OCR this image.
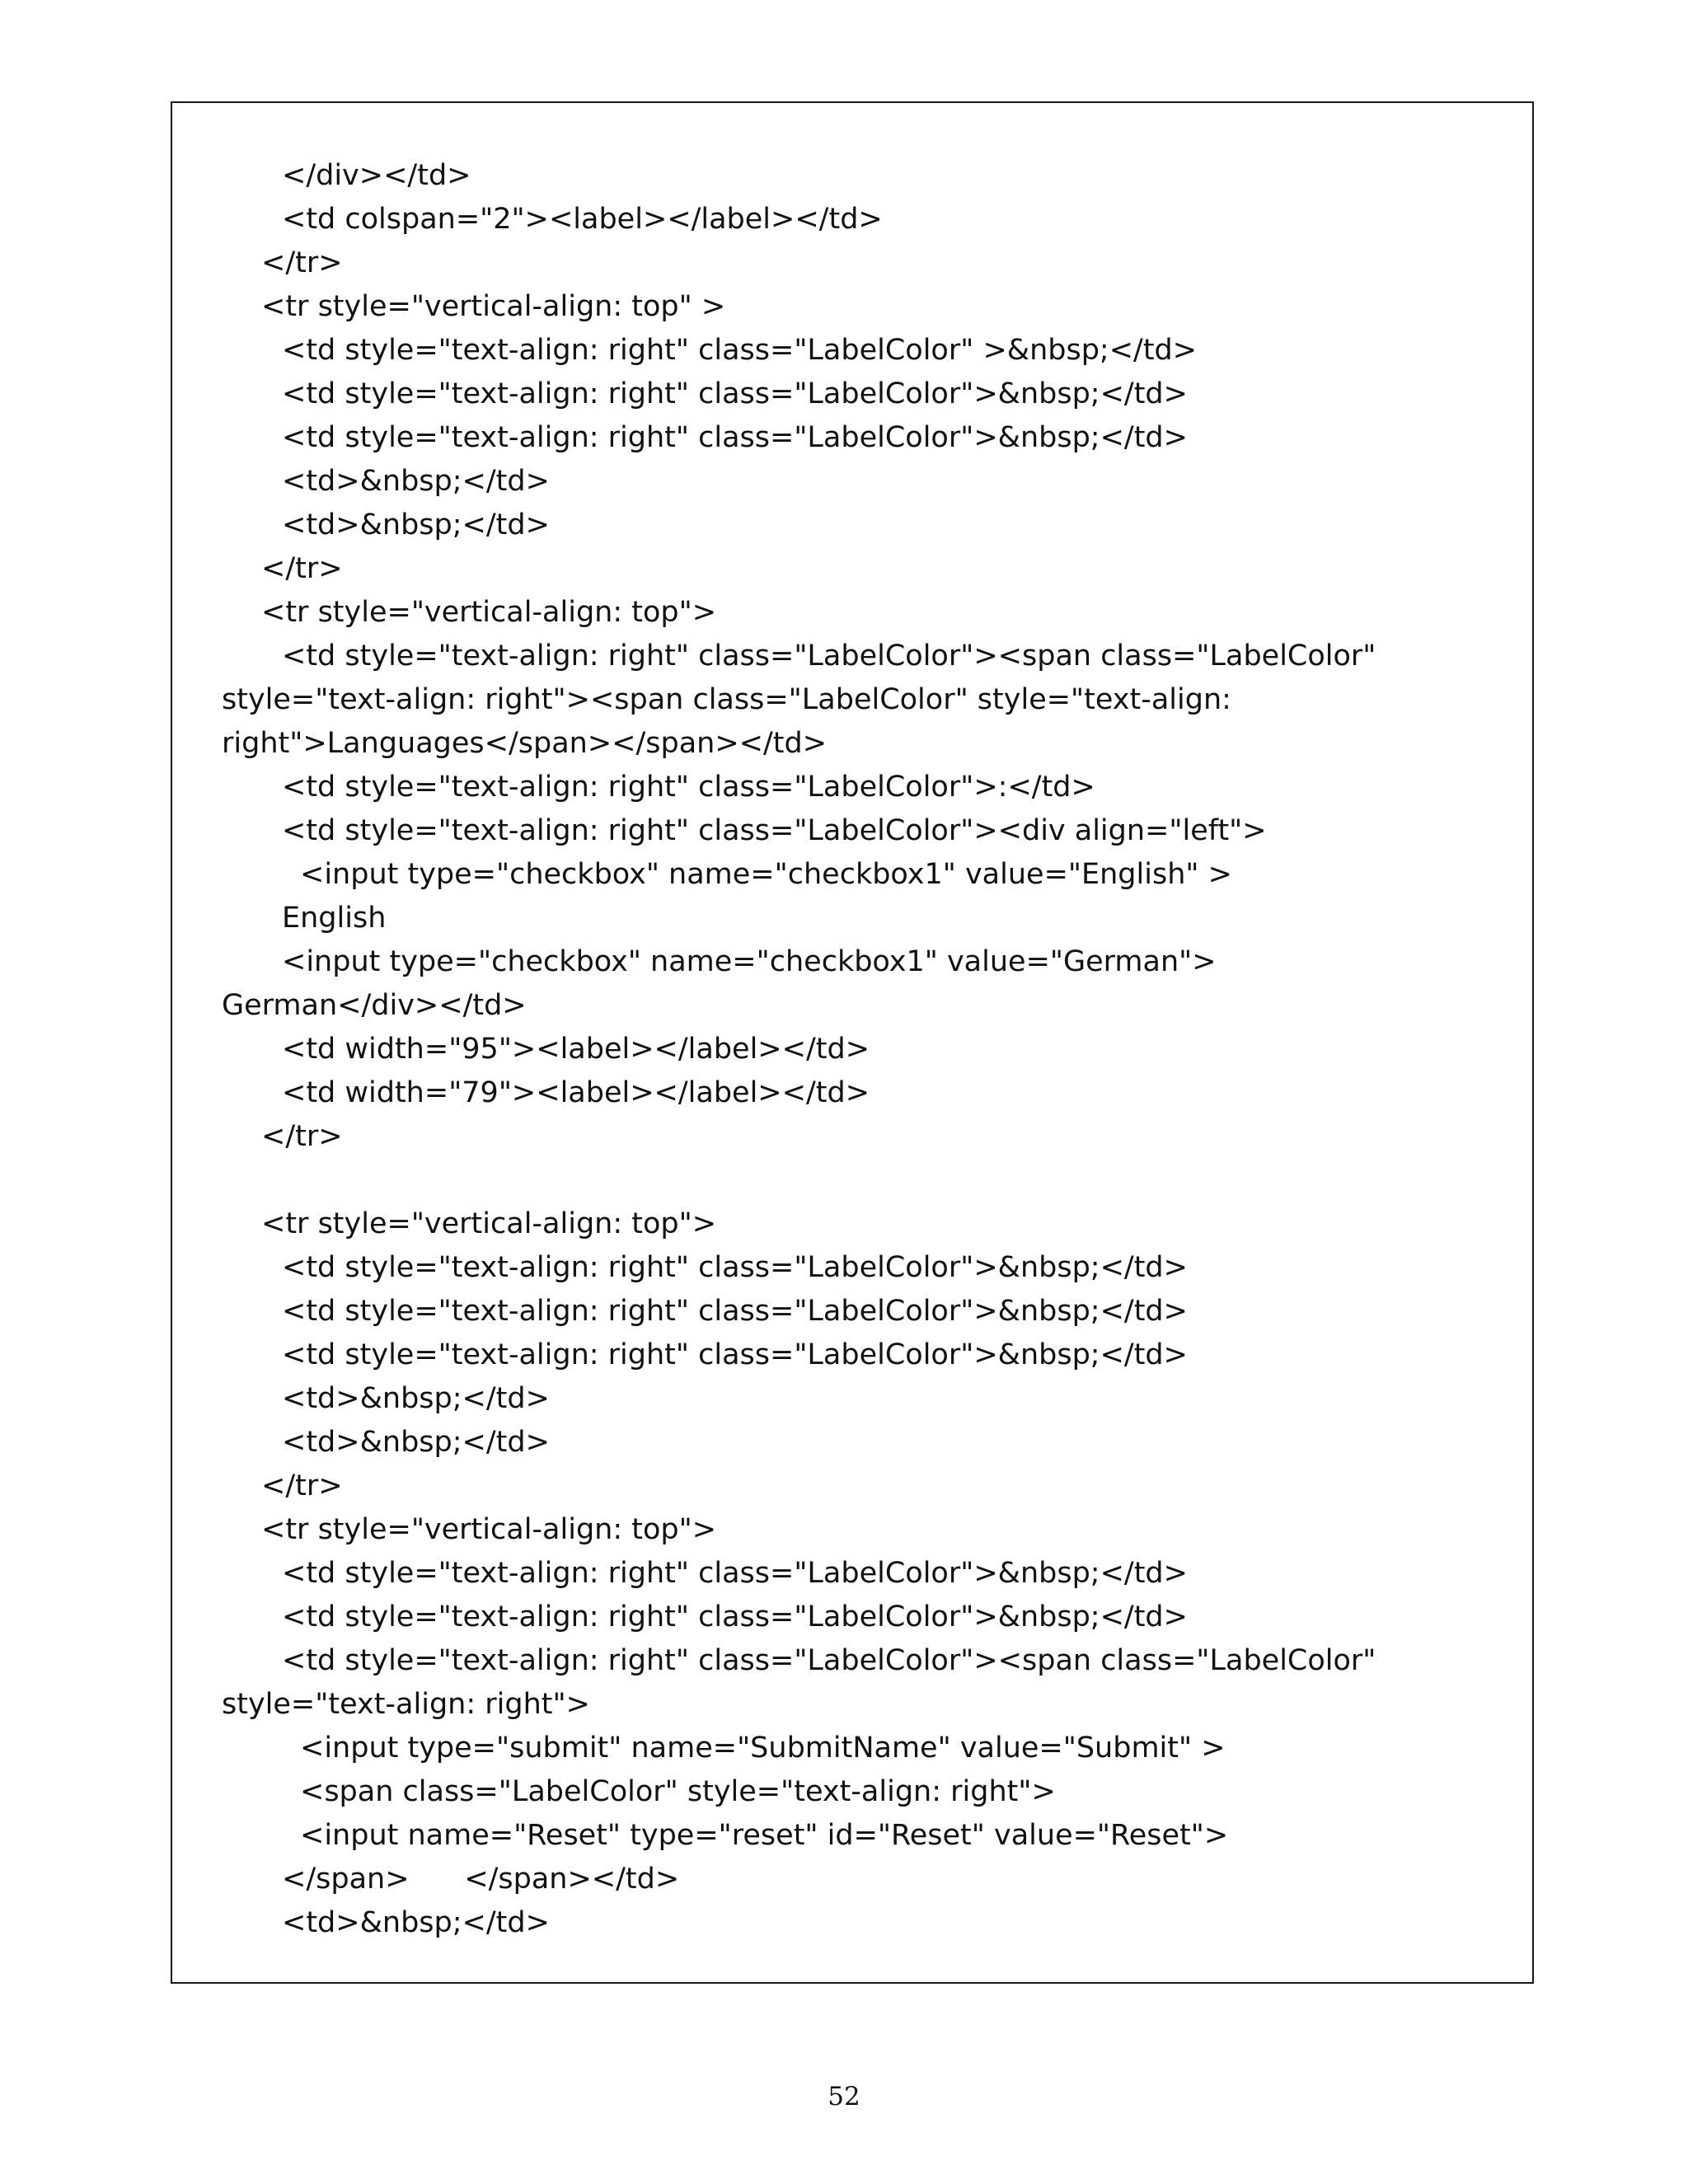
</div></td>
<td colspan="2"><label></label></td>
</tr>
<tr style="vertical-align: top" >
<td style="text-align: right" class="LabelColor" >&nbsp;</td>
<td style="text-align: right" class="LabelColor">&nbsp;</td>
<td style="text-align: right" class="LabelColor">&nbsp;</td>
<td>&nbsp;</td>
<td>&nbsp;</td>
</tr>
<tr style="vertical-align: top">
<td style="text-align: right" class="LabelColor"><span class="LabelColor"
style="text-align: right"><span class="LabelColor" style="text-align:
right">Languages</span></span></td>
<td style="text-align: right" class="LabelColor">:</td>
<td style="text-align: right" class="LabelColor"><div align="left">
<input type="checkbox" name="checkbox1" value="English" >
English
<input type="checkbox" name="checkbox1" value="German">
German</div></td>
<td width="95"><label></label></td>
<td width="79"><label></label></td>
</tr>
<tr style="vertical-align: top">
<td style="text-align: right" class="LabelColor">&nbsp;</td>
<td style="text-align: right" class="LabelColor">&nbsp;</td>
<td style="text-align: right" class="LabelColor">&nbsp;</td>
<td>&nbsp;</td>
<td>&nbsp;</td>
</tr>
<tr style="vertical-align: top">
<td style="text-align: right" class="LabelColor">&nbsp;</td>
<td style="text-align: right" class="LabelColor">&nbsp;</td>
<td style="text-align: right" class="LabelColor"><span class="LabelColor"
style="text-align: right">
<input type="submit" name="SubmitName" value="Submit" >
<span class="LabelColor" style="text-align: right">
<input name="Reset" type="reset" id="Reset" value="Reset">
</span>      </span></td>
<td>&nbsp;</td>
52
